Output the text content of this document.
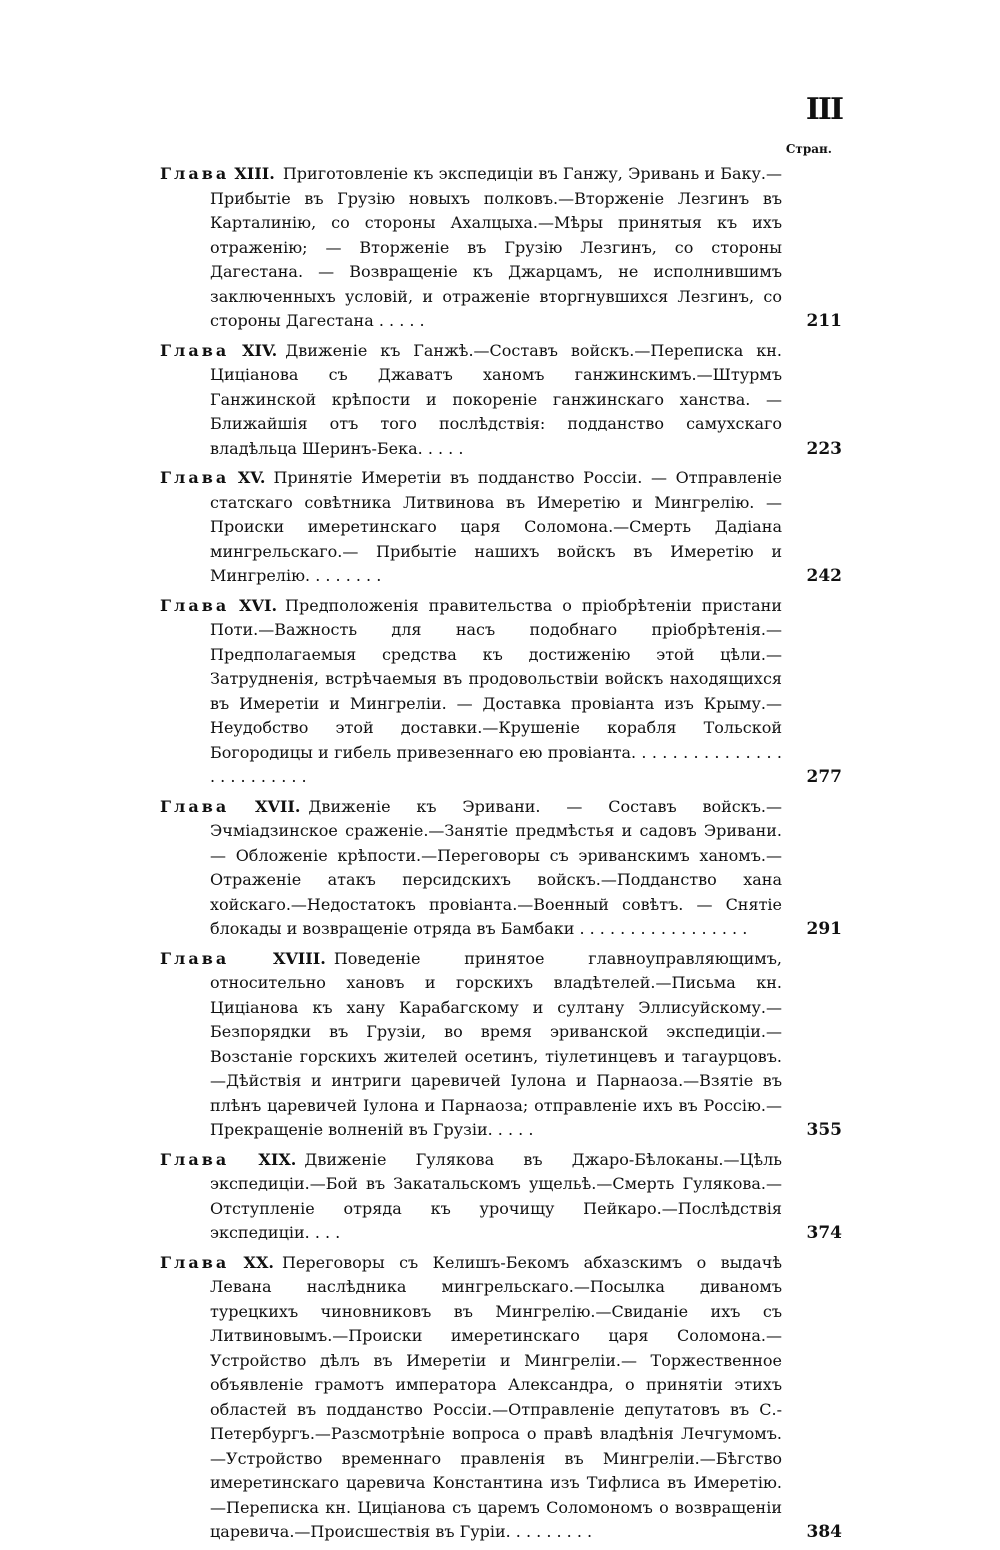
III
Стран.
Глава XIII. Приготовленіе къ экспедиціи въ Ганжу, Эривань и Баку.—Прибытіе въ Грузію новыхъ полковъ.—Вторженіе Лезгинъ въ Карталинію, со стороны Ахалцыха.—Мѣры принятыя къ ихъ отраженію; — Вторженіе въ Грузію Лезгинъ, со стороны Дагестана. — Возвращеніе къ Джарцамъ, не исполнившимъ заключенныхъ условій, и отраженіе вторгнувшихся Лезгинъ, со стороны Дагестана . . . . .	211
Глава XIV. Движеніе къ Ганжѣ.—Составъ войскъ.—Переписка кн. Циціанова съ Джаватъ ханомъ ганжинскимъ.—Штурмъ Ганжинской крѣпости и покореніе ганжинскаго ханства. — Ближайшія отъ того послѣдствія: подданство самухскаго владѣльца Шеринъ-Бека. . . . .	223
Глава XV. Принятіе Имеретіи въ подданство Россіи. — Отправленіе статскаго совѣтника Литвинова въ Имеретію и Мингрелію. — Происки имеретинскаго царя Соломона.—Смерть Дадіана мингрельскаго.— Прибытіе нашихъ войскъ въ Имеретію и Мингрелію. . . . . . . .	242
Глава XVI. Предположенія правительства о пріобрѣтеніи пристани Поти.—Важность для насъ подобнаго пріобрѣтенія.—Предполагаемыя средства къ достиженію этой цѣли.—Затрудненія, встрѣчаемыя въ продовольствіи войскъ находящихся въ Имеретіи и Мингреліи. — Доставка провіанта изъ Крыму.—Неудобство этой доставки.—Крушеніе корабля Тольской Богородицы и гибель привезеннаго ею провіанта. . . . . . . . . . . . . . . . . . . . . . . . .	277
Глава XVII. Движеніе къ Эривани. — Составъ войскъ.—Эчміадзинское сраженіе.—Занятіе предмѣстья и садовъ Эривани.— Обложеніе крѣпости.—Переговоры съ эриванскимъ ханомъ.—Отраженіе атакъ персидскихъ войскъ.—Подданство хана хойскаго.—Недостатокъ провіанта.—Военный совѣтъ. — Снятіе блокады и возвращеніе отряда въ Бамбаки . . . . . . . . . . . . . . . . .	291
Глава	XVIII. Поведеніе принятое главноуправляющимъ, относительно хановъ и горскихъ владѣтелей.—Письма кн. Циціанова къ хану Карабагскому и султану Эллисуйскому.—Безпорядки въ Грузіи, во время эриванской экспедиціи.—Возстаніе горскихъ жителей осетинъ, тіулетинцевъ и тагаурцовъ.—Дѣйствія и интриги царевичей Іулона и Парнаоза.—Взятіе въ плѣнъ царевичей Іулона и Парнаоза; отправленіе ихъ въ Россію.—Прекращеніе волненій въ Грузіи. . . . .	355
Глава XIX. Движеніе Гулякова въ Джаро-Бѣлоканы.—Цѣль экспедиціи.—Бой въ Закатальскомъ ущельѣ.—Смерть Гулякова.—Отступленіе отряда къ урочищу Пейкаро.—Послѣдствія экспедиціи. . . .	374
Глава XX. Переговоры съ Келишъ-Бекомъ абхазскимъ о выдачѣ Левана наслѣдника мингрельскаго.—Посылка диваномъ турецкихъ чиновниковъ въ Мингрелію.—Свиданіе ихъ съ Литвиновымъ.—Происки имеретинскаго царя Соломона.—Устройство дѣлъ въ Имеретіи и Мингреліи.— Торжественное объявленіе грамотъ императора Александра, о принятіи этихъ областей въ подданство Россіи.—Отправленіе депутатовъ въ С.-Петербургъ.—Разсмотрѣніе вопроса о правѣ владѣнія Лечгумомъ.—Устройство временнаго правленія въ Мингреліи.—Бѣгство имеретинскаго царевича Константина изъ Тифлиса въ Имеретію.—Переписка кн. Циціанова съ царемъ Соломономъ о возвращеніи царевича.—Происшествія въ Гуріи. . . . . . . . .	384
